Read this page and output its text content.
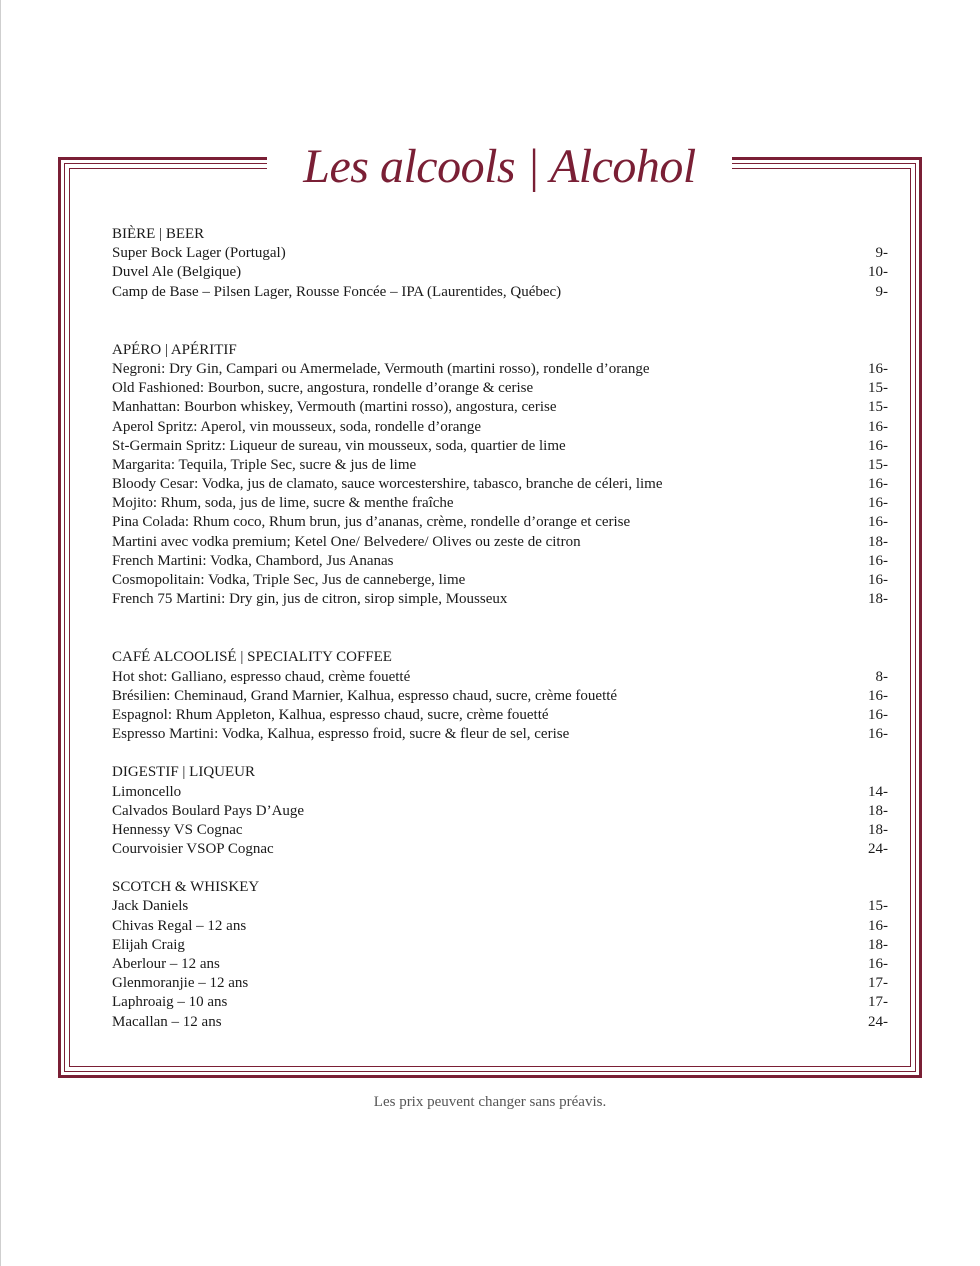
Les alcools | Alcohol
BIÈRE | BEER
Super Bock Lager (Portugal)	9-
Duvel Ale (Belgique)	10-
Camp de Base – Pilsen Lager, Rousse Foncée – IPA (Laurentides, Québec)	9-
APÉRO | APÉRITIF
Negroni: Dry Gin, Campari ou Amermelade, Vermouth (martini rosso), rondelle d’orange	16-
Old Fashioned: Bourbon, sucre, angostura, rondelle d’orange & cerise	15-
Manhattan: Bourbon whiskey, Vermouth (martini rosso), angostura, cerise	15-
Aperol Spritz: Aperol, vin mousseux, soda, rondelle d’orange	16-
St-Germain Spritz: Liqueur de sureau, vin mousseux, soda, quartier de lime	16-
Margarita: Tequila, Triple Sec, sucre & jus de lime	15-
Bloody Cesar: Vodka, jus de clamato, sauce worcestershire, tabasco, branche de céleri, lime	16-
Mojito: Rhum, soda, jus de lime, sucre & menthe fraîche	16-
Pina Colada: Rhum coco, Rhum brun, jus d’ananas, crème, rondelle d’orange et cerise	16-
Martini avec vodka premium; Ketel One/ Belvedere/ Olives ou zeste de citron	18-
French Martini: Vodka, Chambord, Jus Ananas	16-
Cosmopolitain: Vodka, Triple Sec, Jus de canneberge, lime	16-
French 75 Martini: Dry gin, jus de citron, sirop simple, Mousseux	18-
CAFÉ ALCOOLISÉ | SPECIALITY COFFEE
Hot shot: Galliano, espresso chaud, crème fouetté	8-
Brésilien: Cheminaud, Grand Marnier, Kalhua, espresso chaud, sucre, crème fouetté	16-
Espagnol: Rhum Appleton, Kalhua, espresso chaud, sucre, crème fouetté	16-
Espresso Martini: Vodka, Kalhua, espresso froid, sucre & fleur de sel, cerise	16-
DIGESTIF | LIQUEUR
Limoncello	14-
Calvados Boulard Pays D’Auge	18-
Hennessy VS Cognac	18-
Courvoisier VSOP Cognac	24-
SCOTCH & WHISKEY
Jack Daniels	15-
Chivas Regal – 12 ans	16-
Elijah Craig	18-
Aberlour – 12 ans	16-
Glenmoranjie – 12 ans	17-
Laphroaig – 10 ans	17-
Macallan – 12 ans	24-
Les prix peuvent changer sans préavis.
